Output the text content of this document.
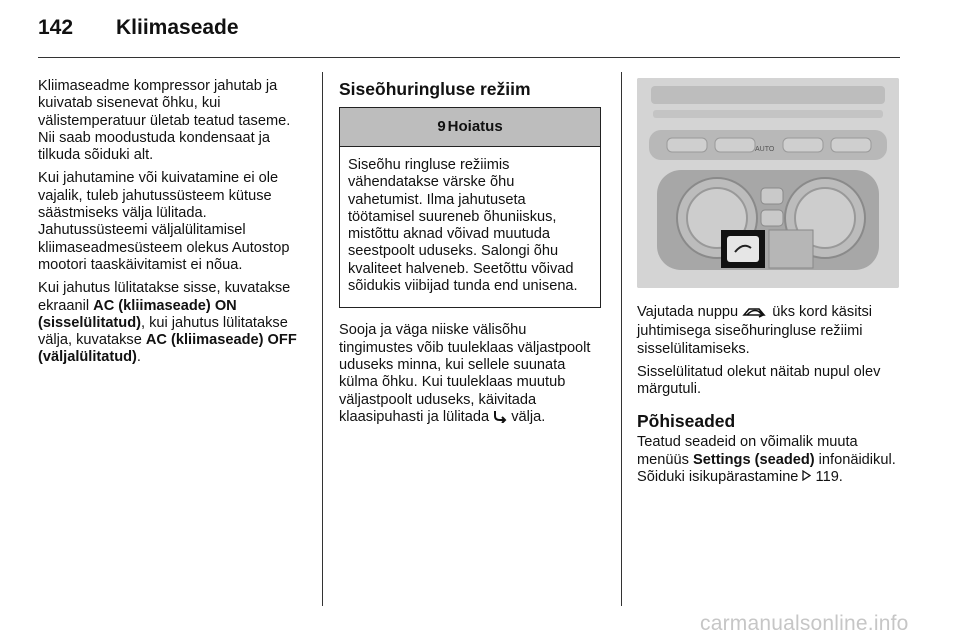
142	Kliimaseade

Kliimaseadme kompressor jahutab ja kuivatab sisenevat õhku, kui välistemperatuur ületab teatud taseme. Nii saab moodustuda kondensaat ja tilkuda sõiduki alt.

Kui jahutamine või kuivatamine ei ole vajalik, tuleb jahutussüsteem kütuse säästmiseks välja lülitada. Jahutussüsteemi väljalülitamisel kliimaseadmesüsteem olekus Autostop mootori taaskäivitamist ei nõua.

Kui jahutus lülitatakse sisse, kuvatakse ekraanil AC (kliimaseade) ON (sisselülitatud), kui jahutus lülitatakse välja, kuvatakse AC (kliimaseade) OFF (väljalülitatud).

Siseõhuringluse režiim
9 Hoiatus
Siseõhu ringluse režiimis vähendatakse värske õhu vahetumist. Ilma jahutuseta töötamisel suureneb õhuniiskus, mistõttu aknad võivad muutuda seestpoolt uduseks. Salongi õhu kvaliteet halveneb. Seetõttu võivad sõidukis viibijad tunda end unisena.

Sooja ja väga niiske välisõhu tingimustes võib tuuleklaas väljastpoolt uduseks minna, kui sellele suunata külma õhku. Kui tuuleklaas muutub väljastpoolt uduseks, käivitada klaasipuhasti ja lülitada  välja.

AUTO

Vajutada nuppu  üks kord käsitsi juhtimisega siseõhuringluse režiimi sisselülitamiseks.

Sisselülitatud olekut näitab nupul olev märgutuli.

Põhiseaded

Teatud seadeid on võimalik muuta menüüs Settings (seaded) infonäidikul. Sõiduki isikupärastamine  119.

carmanualsonline.info
